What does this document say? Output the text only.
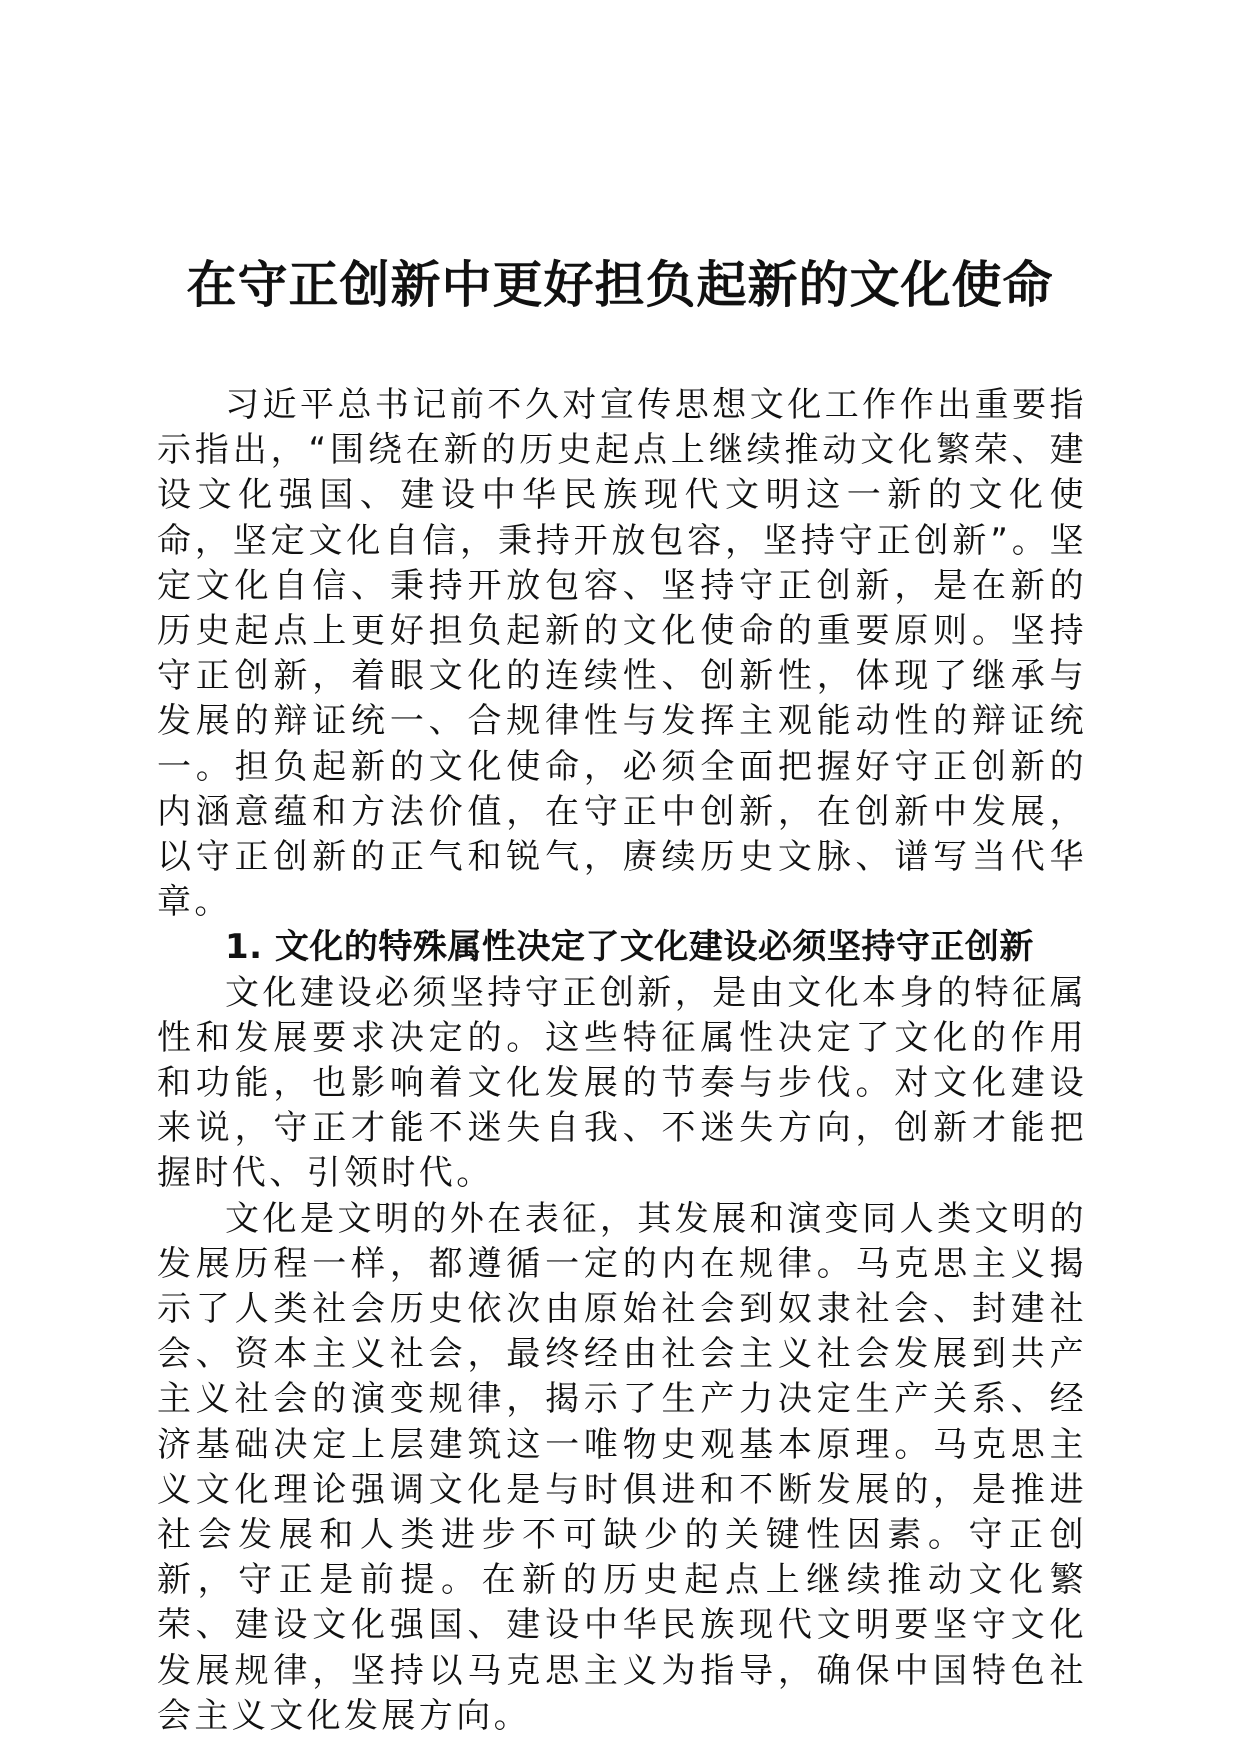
在守正创新中更好担负起新的文化使命

习近平总书记前不久对宣传思想文化工作作出重要指示指出，“围绕在新的历史起点上继续推动文化繁荣、建设文化强国、建设中华民族现代文明这一新的文化使命，坚定文化自信，秉持开放包容，坚持守正创新”。坚定文化自信、秉持开放包容、坚持守正创新，是在新的历史起点上更好担负起新的文化使命的重要原则。坚持守正创新，着眼文化的连续性、创新性，体现了继承与发展的辩证统一、合规律性与发挥主观能动性的辩证统一。担负起新的文化使命，必须全面把握好守正创新的内涵意蕴和方法价值，在守正中创新，在创新中发展，以守正创新的正气和锐气，赓续历史文脉、谱写当代华章。

1. 文化的特殊属性决定了文化建设必须坚持守正创新

文化建设必须坚持守正创新，是由文化本身的特征属性和发展要求决定的。这些特征属性决定了文化的作用和功能，也影响着文化发展的节奏与步伐。对文化建设来说，守正才能不迷失自我、不迷失方向，创新才能把握时代、引领时代。

文化是文明的外在表征，其发展和演变同人类文明的发展历程一样，都遵循一定的内在规律。马克思主义揭示了人类社会历史依次由原始社会到奴隶社会、封建社会、资本主义社会，最终经由社会主义社会发展到共产主义社会的演变规律，揭示了生产力决定生产关系、经济基础决定上层建筑这一唯物史观基本原理。马克思主义文化理论强调文化是与时俱进和不断发展的，是推进社会发展和人类进步不可缺少的关键性因素。守正创新，守正是前提。在新的历史起点上继续推动文化繁荣、建设文化强国、建设中华民族现代文明要坚守文化发展规律，坚持以马克思主义为指导，确保中国特色社会主义文化发展方向。
